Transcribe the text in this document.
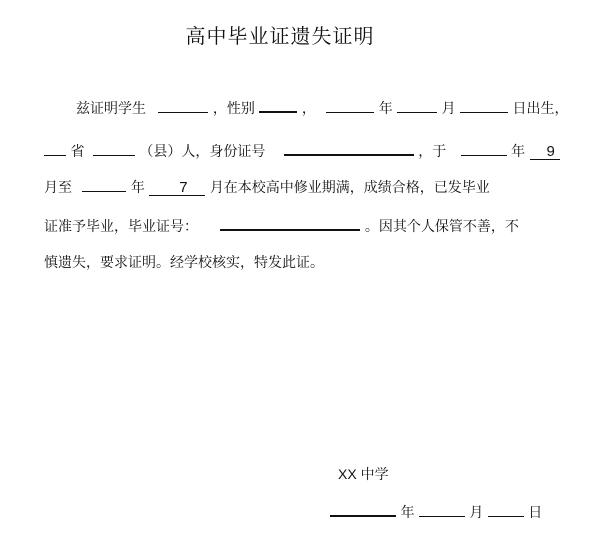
高中毕业证遗失证明
兹证明学生	，性别	，	年	月	日出生，
省	（县）人，身份证号	，于	年 9
月至	年 7 月在本校高中修业期满，成绩合格，已发毕业
证准予毕业，毕业证号：	。因其个人保管不善，不
慎遗失，要求证明。经学校核实，特发此证。
XX 中学
年	月	日
